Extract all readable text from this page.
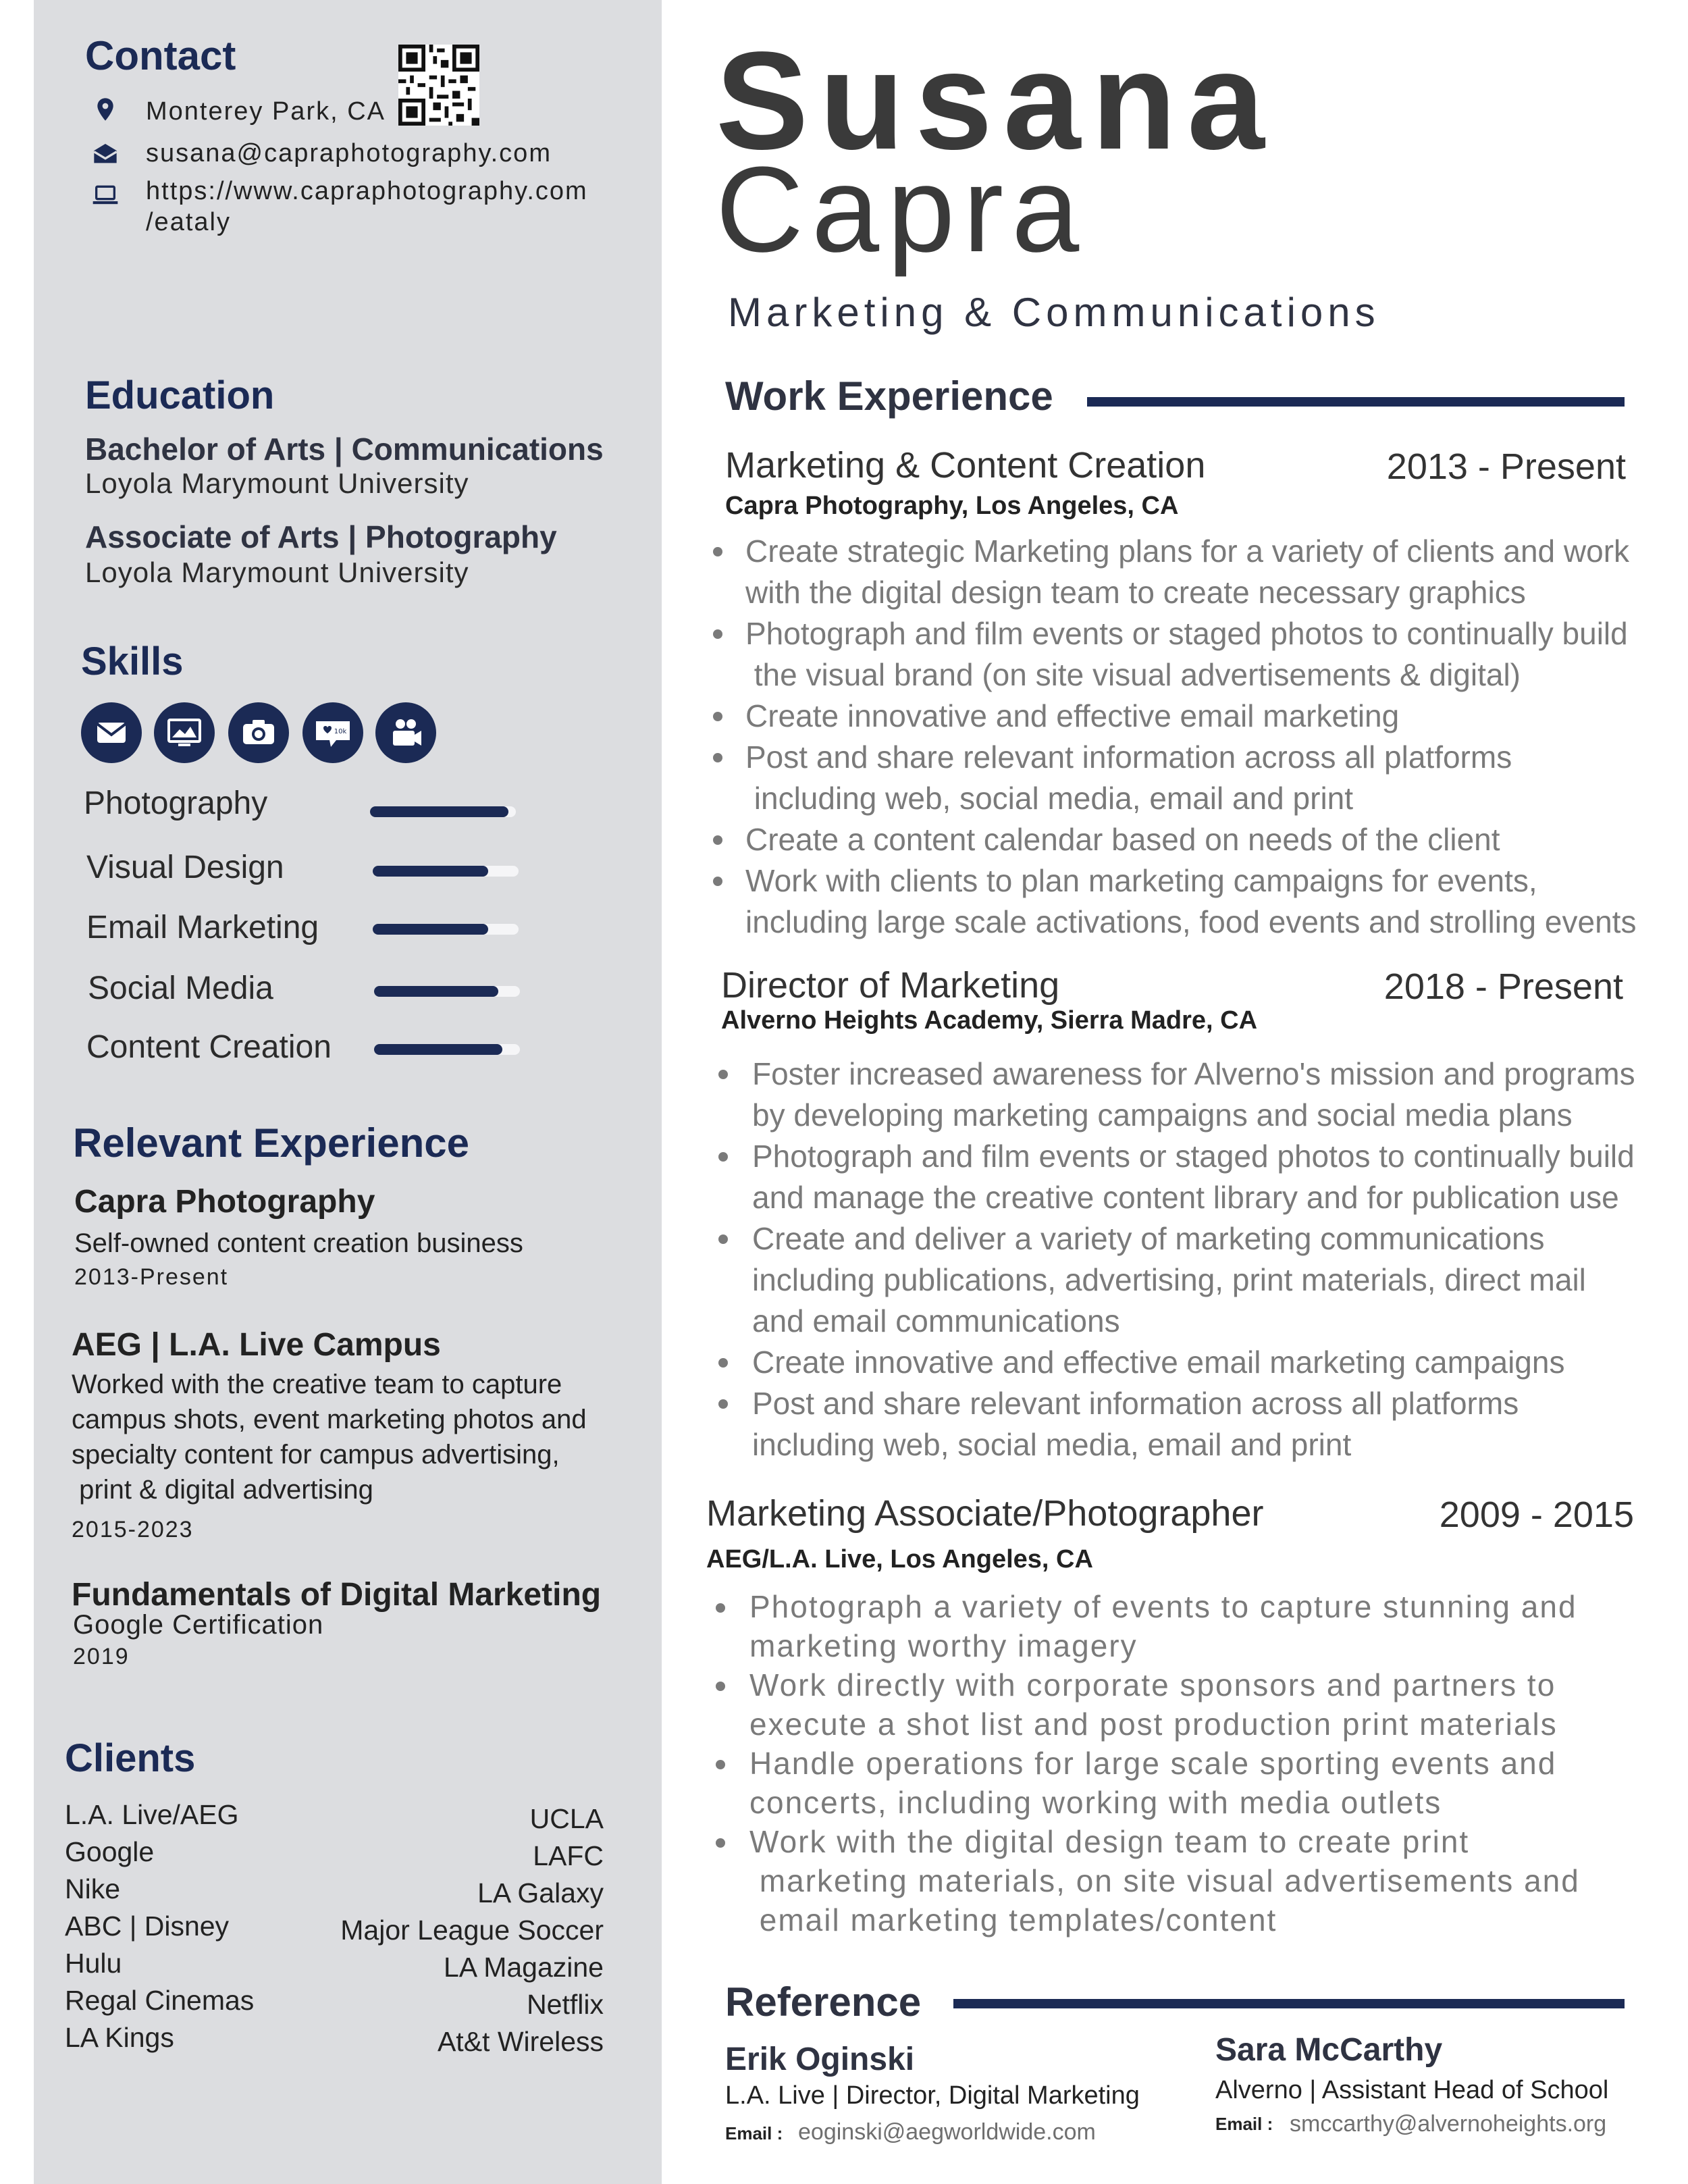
Contact
Monterey Park, CA
susana@capraphotography.com
https://www.capraphotography.com
/eataly
Education
Bachelor of Arts | Communications
Loyola Marymount University
Associate of Arts | Photography
Loyola Marymount University
Skills
10k
Photography
Visual Design
Email Marketing
Social Media
Content Creation
Relevant Experience
Capra Photography
Self-owned content creation business
2013-Present
AEG | L.A. Live Campus
Worked with the creative team to capture
campus shots, event marketing photos and
specialty content for campus advertising,
print & digital advertising
2015-2023
Fundamentals of Digital Marketing
Google Certification
2019
Clients
L.A. Live/AEG
Google
Nike
ABC | Disney
Hulu
Regal Cinemas
LA Kings
UCLA
LAFC
LA Galaxy
Major League Soccer
LA Magazine
Netflix
At&t Wireless
Susana
Capra
Marketing & Communications
Work Experience
Marketing & Content Creation	2013 - Present
Capra Photography, Los Angeles, CA
Create strategic Marketing plans for a variety of clients and work
with the digital design team to create necessary graphics
Photograph and film events or staged photos to continually build
the visual brand (on site visual advertisements & digital)
Create innovative and effective email marketing
Post and share relevant information across all platforms
including web, social media, email and print
Create a content calendar based on needs of the client
Work with clients to plan marketing campaigns for events,
including large scale activations, food events and strolling events
Director of Marketing	2018 - Present
Alverno Heights Academy, Sierra Madre, CA
Foster increased awareness for Alverno's mission and programs
by developing marketing campaigns and social media plans
Photograph and film events or staged photos to continually build
and manage the creative content library and for publication use
Create and deliver a variety of marketing communications
including publications, advertising, print materials, direct mail
and email communications
Create innovative and effective email marketing campaigns
Post and share relevant information across all platforms
including web, social media, email and print
Marketing Associate/Photographer	2009 - 2015
AEG/L.A. Live, Los Angeles, CA
Photograph a variety of events to capture stunning and
marketing worthy imagery
Work directly with corporate sponsors and partners to
execute a shot list and post production print materials
Handle operations for large scale sporting events and
concerts, including working with media outlets
Work with the digital design team to create print
marketing materials, on site visual advertisements and
email marketing templates/content
Reference
Erik Oginski
L.A. Live | Director, Digital Marketing
Email : eoginski@aegworldwide.com
Sara McCarthy
Alverno | Assistant Head of School
Email : smccarthy@alvernoheights.org
